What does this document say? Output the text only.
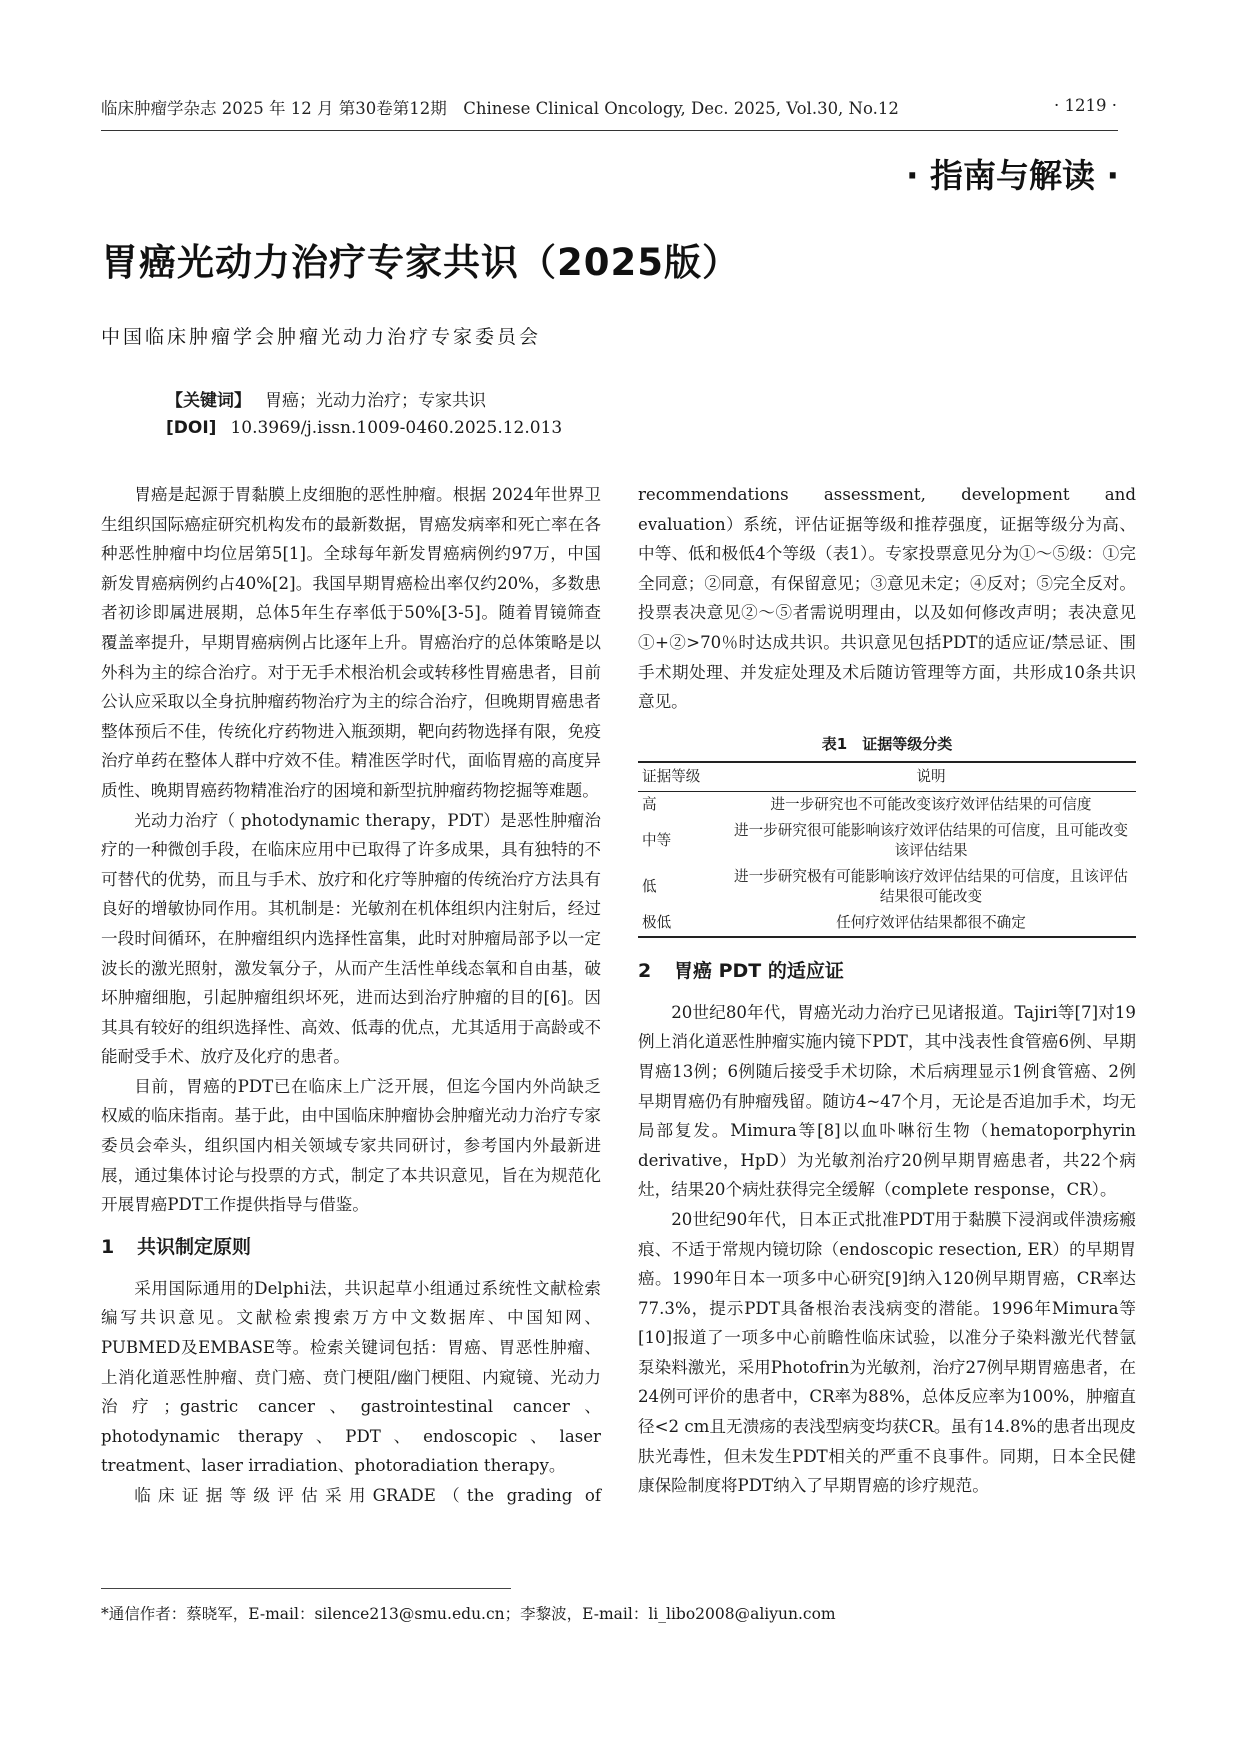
临床肿瘤学杂志 2025 年 12 月 第30卷第12期　Chinese Clinical Oncology, Dec. 2025, Vol.30, No.12	· 1219 ·
· 指南与解读 ·
胃癌光动力治疗专家共识（2025版）
中国临床肿瘤学会肿瘤光动力治疗专家委员会
【关键词】 胃癌；光动力治疗；专家共识
[DOI] 10.3969/j.issn.1009-0460.2025.12.013

胃癌是起源于胃黏膜上皮细胞的恶性肿瘤。根据 2024年世界卫生组织国际癌症研究机构发布的最新数据，胃癌发病率和死亡率在各种恶性肿瘤中均位居第5[1]。全球每年新发胃癌病例约97万，中国新发胃癌病例约占40%[2]。我国早期胃癌检出率仅约20%，多数患者初诊即属进展期，总体5年生存率低于50%[3-5]。随着胃镜筛查覆盖率提升，早期胃癌病例占比逐年上升。胃癌治疗的总体策略是以外科为主的综合治疗。对于无手术根治机会或转移性胃癌患者，目前公认应采取以全身抗肿瘤药物治疗为主的综合治疗，但晚期胃癌患者整体预后不佳，传统化疗药物进入瓶颈期，靶向药物选择有限，免疫治疗单药在整体人群中疗效不佳。精准医学时代，面临胃癌的高度异质性、晚期胃癌药物精准治疗的困境和新型抗肿瘤药物挖掘等难题。

光动力治疗（ photodynamic therapy，PDT）是恶性肿瘤治疗的一种微创手段，在临床应用中已取得了许多成果，具有独特的不可替代的优势，而且与手术、放疗和化疗等肿瘤的传统治疗方法具有良好的增敏协同作用。其机制是：光敏剂在机体组织内注射后，经过一段时间循环，在肿瘤组织内选择性富集，此时对肿瘤局部予以一定波长的激光照射，激发氧分子，从而产生活性单线态氧和自由基，破坏肿瘤细胞，引起肿瘤组织坏死，进而达到治疗肿瘤的目的[6]。因其具有较好的组织选择性、高效、低毒的优点，尤其适用于高龄或不能耐受手术、放疗及化疗的患者。

目前，胃癌的PDT已在临床上广泛开展，但迄今国内外尚缺乏权威的临床指南。基于此，由中国临床肿瘤协会肿瘤光动力治疗专家委员会牵头，组织国内相关领域专家共同研讨，参考国内外最新进展，通过集体讨论与投票的方式，制定了本共识意见，旨在为规范化开展胃癌PDT工作提供指导与借鉴。

1 共识制定原则

采用国际通用的Delphi法，共识起草小组通过系统性文献检索编写共识意见。文献检索搜索万方中文数据库、中国知网、PUBMED及EMBASE等。检索关键词包括：胃癌、胃恶性肿瘤、上消化道恶性肿瘤、贲门癌、贲门梗阻/幽门梗阻、内窥镜、光动力治疗；gastric cancer、gastrointestinal cancer、photodynamic therapy、PDT、endoscopic、laser treatment、laser irradiation、photoradiation therapy。

临床证据等级评估采用GRADE（the grading of

recommendations assessment, development and evaluation）系统，评估证据等级和推荐强度，证据等级分为高、中等、低和极低4个等级（表1）。专家投票意见分为①～⑤级：①完全同意；②同意，有保留意见；③意见未定；④反对；⑤完全反对。投票表决意见②～⑤者需说明理由，以及如何修改声明；表决意见①+②>70％时达成共识。共识意见包括PDT的适应证/禁忌证、围手术期处理、并发症处理及术后随访管理等方面，共形成10条共识意见。

表1　证据等级分类
证据等级	说明
高	进一步研究也不可能改变该疗效评估结果的可信度
中等	进一步研究很可能影响该疗效评估结果的可信度，且可能改变该评估结果
低	进一步研究极有可能影响该疗效评估结果的可信度，且该评估结果很可能改变
极低	任何疗效评估结果都很不确定
2 胃癌 PDT 的适应证

20世纪80年代，胃癌光动力治疗已见诸报道。Tajiri等[7]对19例上消化道恶性肿瘤实施内镜下PDT，其中浅表性食管癌6例、早期胃癌13例；6例随后接受手术切除，术后病理显示1例食管癌、2例早期胃癌仍有肿瘤残留。随访4~47个月，无论是否追加手术，均无局部复发。Mimura等[8]以血卟啉衍生物（hematoporphyrin derivative，HpD）为光敏剂治疗20例早期胃癌患者，共22个病灶，结果20个病灶获得完全缓解（complete response，CR）。

20世纪90年代，日本正式批准PDT用于黏膜下浸润或伴溃疡瘢痕、不适于常规内镜切除（endoscopic resection, ER）的早期胃癌。1990年日本一项多中心研究[9]纳入120例早期胃癌，CR率达77.3%，提示PDT具备根治表浅病变的潜能。1996年Mimura等[10]报道了一项多中心前瞻性临床试验，以准分子染料激光代替氩泵染料激光，采用Photofrin为光敏剂，治疗27例早期胃癌患者，在24例可评价的患者中，CR率为88%，总体反应率为100%，肿瘤直径<2 cm且无溃疡的表浅型病变均获CR。虽有14.8%的患者出现皮肤光毒性，但未发生PDT相关的严重不良事件。同期，日本全民健康保险制度将PDT纳入了早期胃癌的诊疗规范。

*通信作者：蔡晓军，E-mail：silence213@smu.edu.cn；李黎波，E-mail：li_libo2008@aliyun.com
